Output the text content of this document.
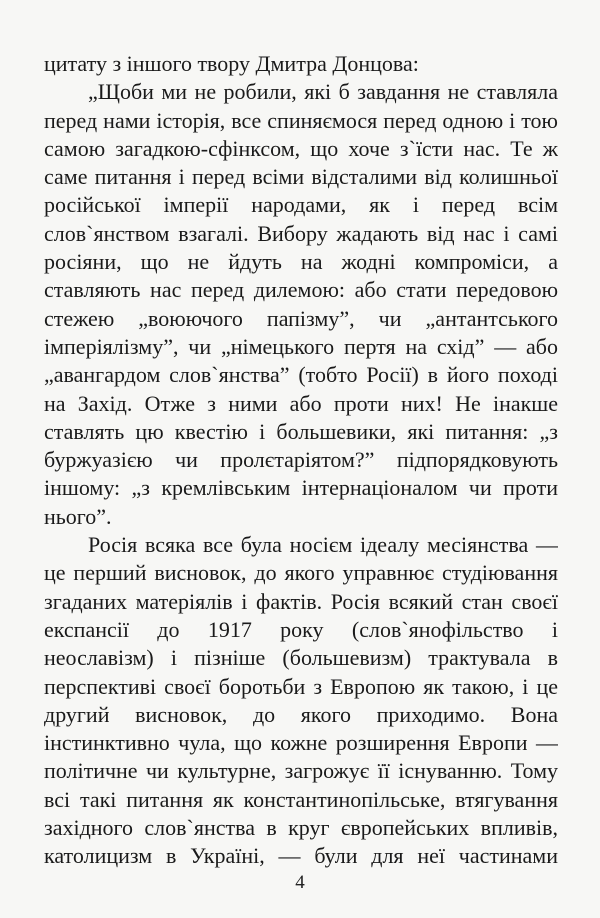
цитату з іншого твору Дмитра Донцова:
„Щоби ми не робили, які б завдання не ставляла
перед нами історія, все спиняємося перед одною і тою
самою загадкою-сфінксом, що хоче з`їсти нас. Те ж
саме питання і перед всіми відсталими від колишньої
російської імперії народами, як і перед всім
слов`янством взагалі. Вибору жадають від нас і самі
росіяни, що не йдуть на жодні компроміси, а
ставляють нас перед дилемою: або стати передовою
стежею „воюючого папізму”, чи „антантського
імперіялізму”, чи „німецького пертя на схід” — або
„авангардом слов`янства” (тобто Росії) в його поході
на Захід. Отже з ними або проти них! Не інакше
ставлять цю квестію і большевики, які питання: „з
буржуазією чи пролєтаріятом?” підпорядковують
іншому: „з кремлівським інтернаціоналом чи проти
нього”.
Росія всяка все була носієм ідеалу месіянства —
це перший висновок, до якого управнює студіювання
згаданих матеріялів і фактів. Росія всякий стан своєї
експансії до 1917 року (слов`янофільство і
неославізм) і пізніше (большевизм) трактувала в
перспективі своєї боротьби з Европою як такою, і це
другий висновок, до якого приходимо. Вона
інстинктивно чула, що кожне розширення Европи —
політичне чи культурне, загрожує її існуванню. Тому
всі такі питання як константинопільське, втягування
західного слов`янства в круг європейських впливів,
католицизм в Україні, — були для неї частинами
4
